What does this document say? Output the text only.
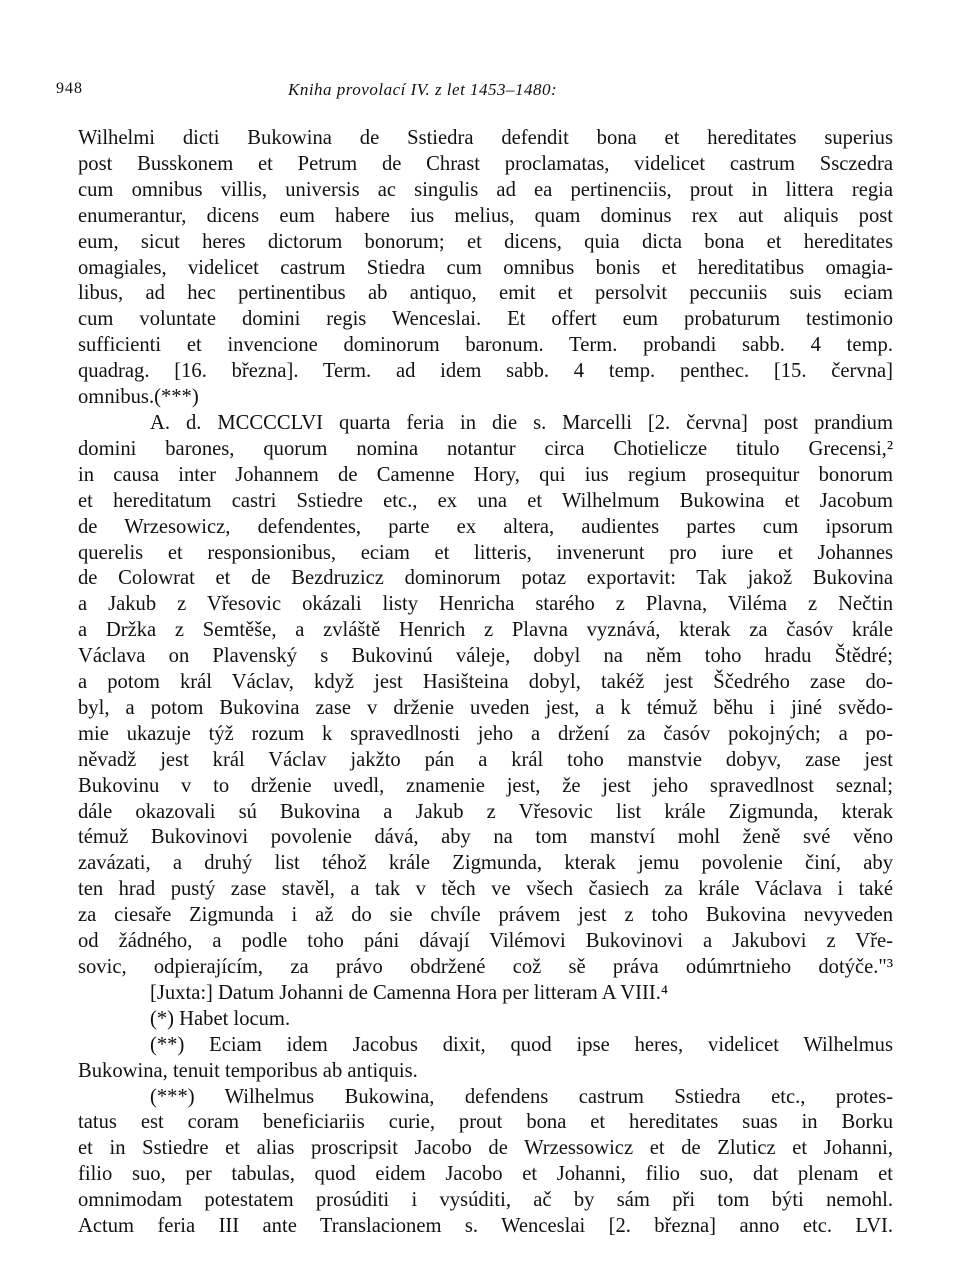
948	Kniha provolací IV. z let 1453–1480:
Wilhelmi dicti Bukowina de Sstiedra defendit bona et hereditates superius
post Busskonem et Petrum de Chrast proclamatas, videlicet castrum Ssczedra
cum omnibus villis, universis ac singulis ad ea pertinenciis, prout in littera regia
enumerantur, dicens eum habere ius melius, quam dominus rex aut aliquis post
eum, sicut heres dictorum bonorum; et dicens, quia dicta bona et hereditates
omagiales, videlicet castrum Stiedra cum omnibus bonis et hereditatibus omagia-
libus, ad hec pertinentibus ab antiquo, emit et persolvit peccuniis suis eciam
cum voluntate domini regis Wenceslai. Et offert eum probaturum testimonio
sufficienti et invencione dominorum baronum. Term. probandi sabb. 4 temp.
quadrag. [16. března]. Term. ad idem sabb. 4 temp. penthec. [15. června]
omnibus.(***)
A. d. MCCCCLVI quarta feria in die s. Marcelli [2. června] post prandium
domini barones, quorum nomina notantur circa Chotielicze titulo Grecensi,²
in causa inter Johannem de Camenne Hory, qui ius regium prosequitur bonorum
et hereditatum castri Sstiedre etc., ex una et Wilhelmum Bukowina et Jacobum
de Wrzesowicz, defendentes, parte ex altera, audientes partes cum ipsorum
querelis et responsionibus, eciam et litteris, invenerunt pro iure et Johannes
de Colowrat et de Bezdruzicz dominorum potaz exportavit: Tak jakož Bukovina
a Jakub z Vřesovic okázali listy Henricha starého z Plavna, Viléma z Nečtin
a Držka z Semtěše, a zvláště Henrich z Plavna vyznává, kterak za časóv krále
Václava on Plavenský s Bukovinú váleje, dobyl na něm toho hradu Štědré;
a potom král Václav, když jest Hasišteina dobyl, takéž jest Ščedrého zase do-
byl, a potom Bukovina zase v drženie uveden jest, a k témuž běhu i jiné svědo-
mie ukazuje týž rozum k spravedlnosti jeho a držení za časóv pokojných; a po-
něvadž jest král Václav jakžto pán a král toho manstvie dobyv, zase jest
Bukovinu v to drženie uvedl, znamenie jest, že jest jeho spravedlnost seznal;
dále okazovali sú Bukovina a Jakub z Vřesovic list krále Zigmunda, kterak
témuž Bukovinovi povolenie dává, aby na tom manství mohl ženě své věno
zavázati, a druhý list téhož krále Zigmunda, kterak jemu povolenie činí, aby
ten hrad pustý zase stavěl, a tak v těch ve všech časiech za krále Václava i také
za ciesaře Zigmunda i až do sie chvíle právem jest z toho Bukovina nevyveden
od žádného, a podle toho páni dávají Vilémovi Bukovinovi a Jakubovi z Vře-
sovic, odpierajícím, za právo obdržené což sě práva odúmrtnieho dotýče."³
[Juxta:] Datum Johanni de Camenna Hora per litteram A VIII.⁴
(*) Habet locum.
(**) Eciam idem Jacobus dixit, quod ipse heres, videlicet Wilhelmus
Bukowina, tenuit temporibus ab antiquis.
(***) Wilhelmus Bukowina, defendens castrum Sstiedra etc., protes-
tatus est coram beneficiariis curie, prout bona et hereditates suas in Borku
et in Sstiedre et alias proscripsit Jacobo de Wrzessowicz et de Zluticz et Johanni,
filio suo, per tabulas, quod eidem Jacobo et Johanni, filio suo, dat plenam et
omnimodam potestatem prosúditi i vysúditi, ač by sám při tom býti nemohl.
Actum feria III ante Translacionem s. Wenceslai [2. března] anno etc. LVI.
